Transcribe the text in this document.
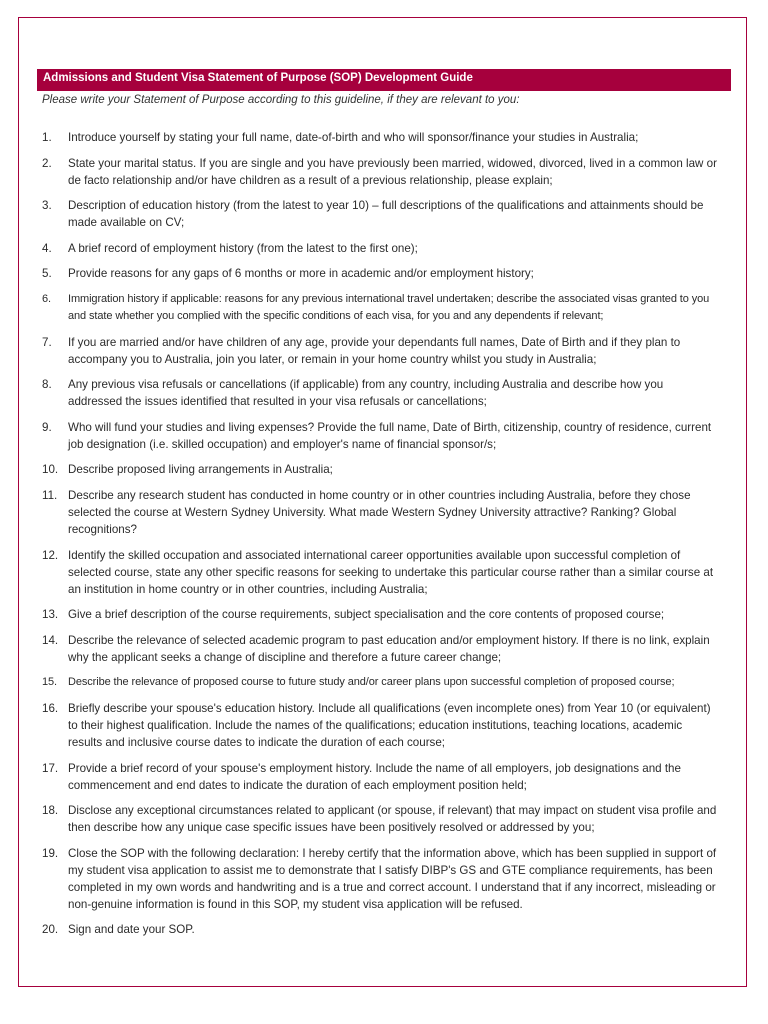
Admissions and Student Visa Statement of Purpose (SOP) Development Guide
Please write your Statement of Purpose according to this guideline, if they are relevant to you:
1.	Introduce yourself by stating your full name, date-of-birth and who will sponsor/finance your studies in Australia;
2.	State your marital status. If you are single and you have previously been married, widowed, divorced, lived in a common law or de facto relationship and/or have children as a result of a previous relationship, please explain;
3.	Description of education history (from the latest to year 10) – full descriptions of the qualifications and attainments should be made available on CV;
4.	A brief record of employment history (from the latest to the first one);
5.	Provide reasons for any gaps of 6 months or more in academic and/or employment history;
6.	Immigration history if applicable: reasons for any previous international travel undertaken; describe the associated visas granted to you and state whether you complied with the specific conditions of each visa, for you and any dependents if relevant;
7.	If you are married and/or have children of any age, provide your dependants full names, Date of Birth and if they plan to accompany you to Australia, join you later, or remain in your home country whilst you study in Australia;
8.	Any previous visa refusals or cancellations (if applicable) from any country, including Australia and describe how you addressed the issues identified that resulted in your visa refusals or cancellations;
9.	Who will fund your studies and living expenses? Provide the full name, Date of Birth, citizenship, country of residence, current job designation (i.e. skilled occupation) and employer's name of financial sponsor/s;
10. Describe proposed living arrangements in Australia;
11. Describe any research student has conducted in home country or in other countries including Australia, before they chose selected the course at Western Sydney University. What made Western Sydney University attractive? Ranking? Global recognitions?
12. Identify the skilled occupation and associated international career opportunities available upon successful completion of selected course, state any other specific reasons for seeking to undertake this particular course rather than a similar course at an institution in home country or in other countries, including Australia;
13. Give a brief description of the course requirements, subject specialisation and the core contents of proposed course;
14. Describe the relevance of selected academic program to past education and/or employment history. If there is no link, explain why the applicant seeks a change of discipline and therefore a future career change;
15.	Describe the relevance of proposed course to future study and/or career plans upon successful completion of proposed course;
16. Briefly describe your spouse's education history. Include all qualifications (even incomplete ones) from Year 10 (or equivalent) to their highest qualification. Include the names of the qualifications; education institutions, teaching locations, academic results and inclusive course dates to indicate the duration of each course;
17. Provide a brief record of your spouse's employment history. Include the name of all employers, job designations and the commencement and end dates to indicate the duration of each employment position held;
18. Disclose any exceptional circumstances related to applicant (or spouse, if relevant) that may impact on student visa profile and then describe how any unique case specific issues have been positively resolved or addressed by you;
19. Close the SOP with the following declaration: I hereby certify that the information above, which has been supplied in support of my student visa application to assist me to demonstrate that I satisfy DIBP's GS and GTE compliance requirements, has been completed in my own words and handwriting and is a true and correct account. I understand that if any incorrect, misleading or non-genuine information is found in this SOP, my student visa application will be refused.
20. Sign and date your SOP.
